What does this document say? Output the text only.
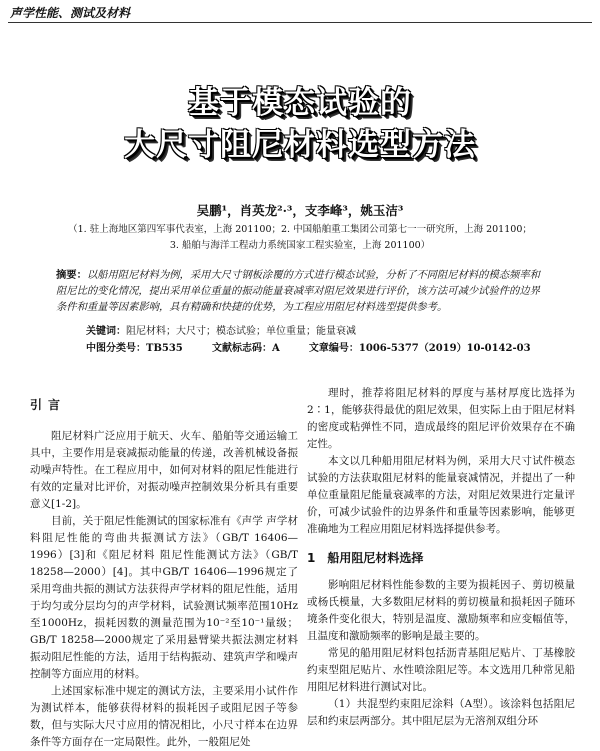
声学性能、测试及材料
基于模态试验的
大尺寸阻尼材料选型方法
吴鹏¹，肖英龙²·³，支李峰³，姚玉洁³
（1. 驻上海地区第四军事代表室，上海 201100；2. 中国船舶重工集团公司第七一一研究所，上海 201100；
3. 船舶与海洋工程动力系统国家工程实验室，上海 201100）
摘要：以船用阻尼材料为例，采用大尺寸钢板涂覆的方式进行模态试验，分析了不同阻尼材料的模态频率和阻尼比的变化情况，提出采用单位重量的振动能量衰减率对阻尼效果进行评价，该方法可减少试验件的边界条件和重量等因素影响，具有精确和快捷的优势，为工程应用阻尼材料选型提供参考。
关键词：阻尼材料；大尺寸；模态试验；单位重量；能量衰减
中图分类号：TB535	文献标志码：A	文章编号：1006-5377（2019）10-0142-03
引言

阻尼材料广泛应用于航天、火车、船舶等交通运输工具中，主要作用是衰减振动能量的传递，改善机械设备振动噪声特性。在工程应用中，如何对材料的阻尼性能进行有效的定量对比评价，对振动噪声控制效果分析具有重要意义[1-2]。

目前，关于阻尼性能测试的国家标准有《声学 声学材料阻尼性能的弯曲共振测试方法》（GB/T 16406—1996）[3]和《阻尼材料 阻尼性能测试方法》（GB/T 18258—2000）[4]。其中GB/T 16406—1996规定了采用弯曲共振的测试方法获得声学材料的阻尼性能，适用于均匀或分层均匀的声学材料，试验测试频率范围10Hz至1000Hz，损耗因数的测量范围为10⁻²至10⁻¹量级；GB/T 18258—2000规定了采用悬臂梁共振法测定材料振动阻尼性能的方法，适用于结构振动、建筑声学和噪声控制等方面应用的材料。

上述国家标准中规定的测试方法，主要采用小试件作为测试样本，能够获得材料的损耗因子或阻尼因子等参数，但与实际大尺寸应用的情况相比，小尺寸样本在边界条件等方面存在一定局限性。此外，一般阻尼处

理时，推荐将阻尼材料的厚度与基材厚度比选择为2∶1，能够获得最优的阻尼效果，但实际上由于阻尼材料的密度或粘弹性不同，造成最终的阻尼评价效果存在不确定性。

本文以几种船用阻尼材料为例，采用大尺寸试件模态试验的方法获取阻尼材料的能量衰减情况，并提出了一种单位重量阻尼能量衰减率的方法，对阻尼效果进行定量评价，可减少试验件的边界条件和重量等因素影响，能够更准确地为工程应用阻尼材料选择提供参考。

1　船用阻尼材料选择

影响阻尼材料性能参数的主要为损耗因子、剪切模量或杨氏模量，大多数阻尼材料的剪切模量和损耗因子随环境条件变化很大，特别是温度、激励频率和应变幅值等，且温度和激励频率的影响是最主要的。

常见的船用阻尼材料包括沥青基阻尼贴片、丁基橡胶约束型阻尼贴片、水性喷涂阻尼等。本文选用几种常见船用阻尼材料进行测试对比。

（1）共混型约束阻尼涂料（A型）。该涂料包括阻尼层和约束层两部分。其中阻尼层为无溶剂双组分环
